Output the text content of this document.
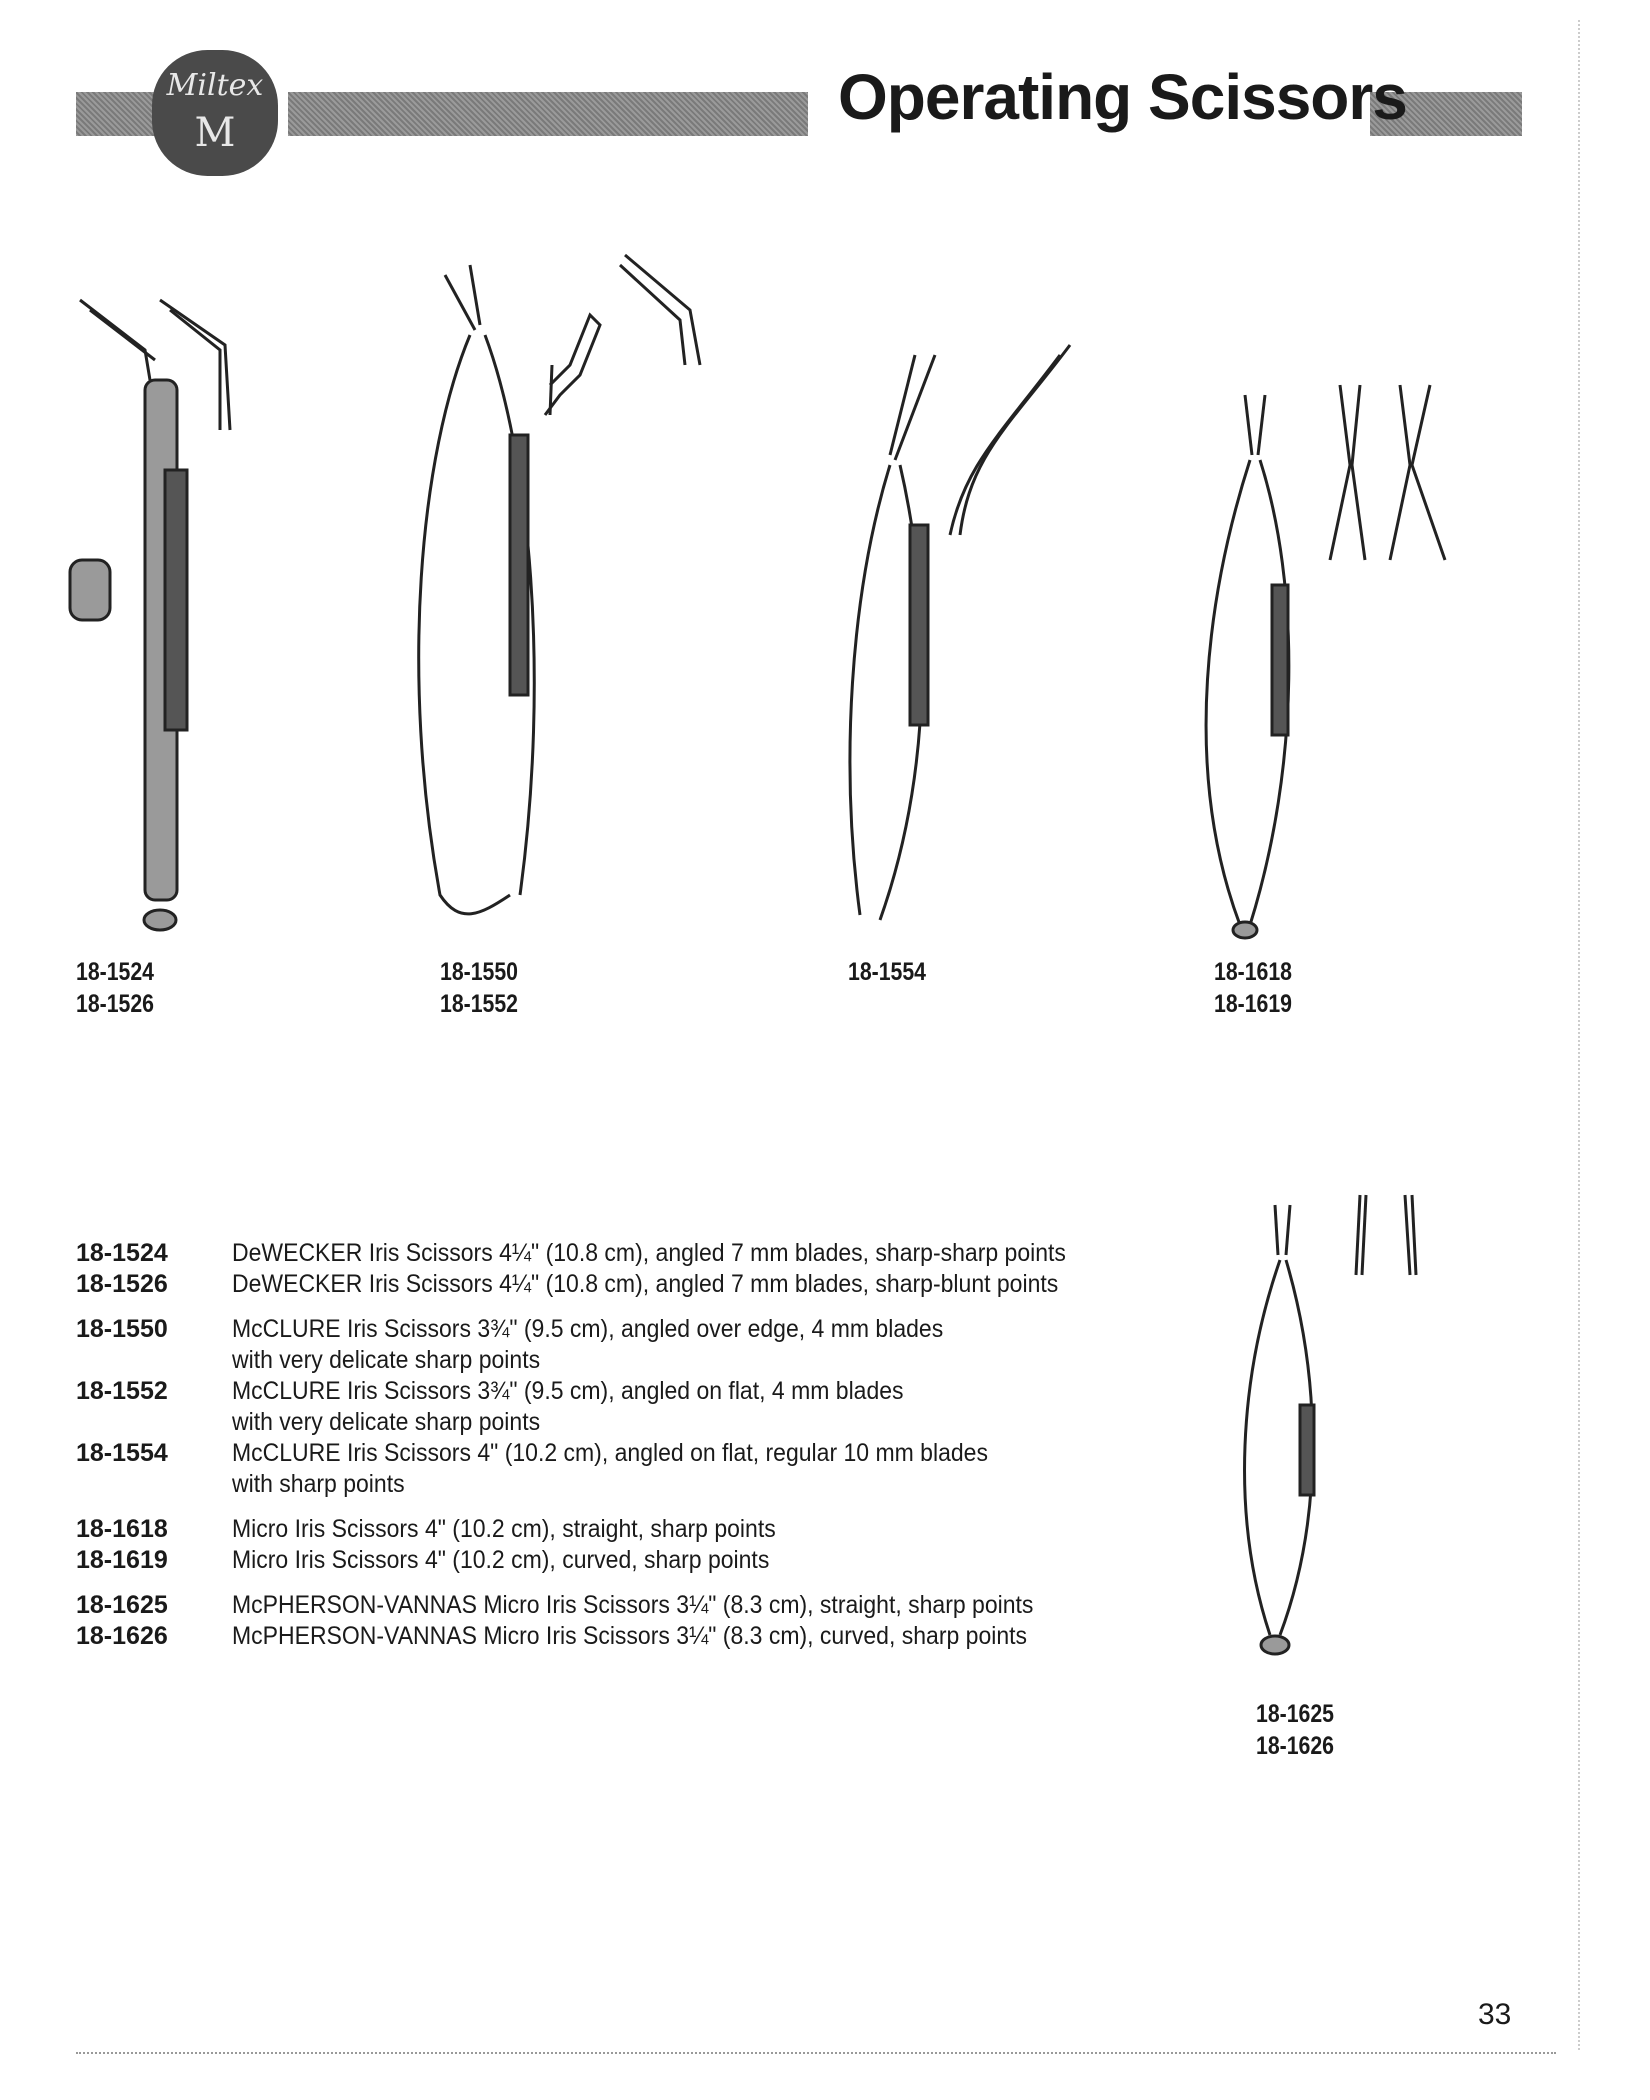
Miltex
M	Operating Scissors
18-1524
18-1526
18-1550
18-1552
18-1554	18-1618
18-1619
18-1625
18-1626
18-1524	DeWECKER Iris Scissors 4¼" (10.8 cm), angled 7 mm blades, sharp-sharp points
18-1526	DeWECKER Iris Scissors 4¼" (10.8 cm), angled 7 mm blades, sharp-blunt points
18-1550	McCLURE Iris Scissors 3¾" (9.5 cm), angled over edge, 4 mm blades
with very delicate sharp points
18-1552	McCLURE Iris Scissors 3¾" (9.5 cm), angled on flat, 4 mm blades
with very delicate sharp points
18-1554	McCLURE Iris Scissors 4" (10.2 cm), angled on flat, regular 10 mm blades
with sharp points
18-1618	Micro Iris Scissors 4" (10.2 cm), straight, sharp points
18-1619	Micro Iris Scissors 4" (10.2 cm), curved, sharp points
18-1625	McPHERSON-VANNAS Micro Iris Scissors 3¼" (8.3 cm), straight, sharp points
18-1626	McPHERSON-VANNAS Micro Iris Scissors 3¼" (8.3 cm), curved, sharp points
33
